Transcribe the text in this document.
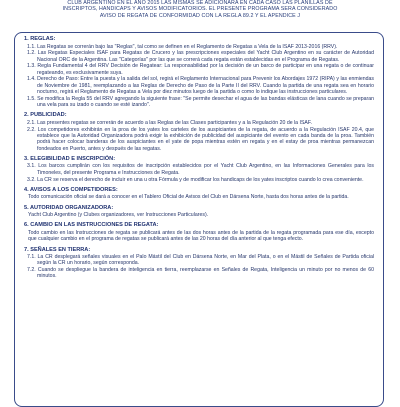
CLUB ARGENTINO EN EL AÑO 2015 LAS MISMAS SE ADICIONARA EN CADA CASO LAS PLANILLAS DE
INSCRIPTOS, HANDICAPS Y AVISOS MODIFICATORIOS. EL PRESENTE PROGRAMA SERA CONSIDERADO
AVISO DE REGATA DE CONFORMIDAD CON LA REGLA 89.2 Y EL APENDICE J
1. REGLAS:
1.1. Las Regatas se correrán bajo las "Reglas", tal como se definen en el Reglamento de Regatas a Vela de la ISAF 2013-2016 (RRV).
1.2. Las Regatas Especiales ISAF para Regatas de Crucero y las prescripciones especiales del Yacht Club Argentino en su carácter de Autoridad Nacional ORC de la Argentina. Las "Categorías" por las que se correrá cada regata están establecidas en el Programa de Regatas.
1.3. Regla Fundamental 4 del RRV Decisión de Regatear: La responsabilidad por la decisión de un barco de participar en una regata o de continuar regateando, es exclusivamente suya.
1.4. Derecho de Paso: Entre la puesta y la salida del sol, regirá el Reglamento Internacional para Prevenir los Abordajes 1972 (RIPA) y las enmiendas de Noviembre de 1981, reemplazando a las Reglas de Derecho de Paso de la Parte II del RRV. Cuando la partida de una regata sea en horario nocturno, regirá el Reglamento de Regatas a Vela por diez minutos luego de la partida o como lo indique las instrucciones particulares.
1.5. Se modifica la Regla 55 del RRV agregando la siguiente frase: "Se permite desechar el agua de las bandas elásticas de lana cuando se preparan una vela para su izado o cuando se esté izando".
2. PUBLICIDAD:
2.1. Las presentes regatas se correrán de acuerdo a las Reglas de las Clases participantes y a la Regulación 20 de la ISAF.
2.2. Los competidores exhibirán en la proa de los yates los carteles de los auspiciantes de la regata, de acuerdo a la Regulación ISAF 20.4, que establece que la Autoridad Organizadora podrá exigir la exhibición de publicidad del auspiciante del evento en cada banda de la proa. También podrá hacer colocar banderas de los auspiciantes en el yate de popa mientras estén en regata y en el estay de proa mientras permanezcan fondeados en Puerto, antes y después de las regatas.
3. ELEGIBILIDAD E INSCRIPCIÓN:
3.1. Los barcos cumplirán con los requisitos de inscripción establecidos por el Yacht Club Argentino, en las Informaciones Generales para los Timoneles, del presente Programa e Instrucciones de Regata.
3.2. La CR se reserva el derecho de incluir en una u otra Fórmula y de modificar los handicaps de los yates inscriptos cuando lo crea conveniente.
4. AVISOS A LOS COMPETIDORES:
Todo comunicación oficial se dará a conocer en el Tablero Oficial de Avisos del Club en Dársena Norte, hasta dos horas antes de la partida.
5. AUTORIDAD ORGANIZADORA:
Yacht Club Argentino (y Clubes organizadores, ver Instrucciones Particulares).
6. CAMBIO EN LAS INSTRUCCIONES DE REGATA:
Todo cambio en las Instrucciones de regata se publicará antes de las dos horas antes de la partida de la regata programada para ese día, excepto que cualquier cambio en el programa de regatas se publicará antes de las 20 horas del día anterior al que tenga efecto.
7. SEÑALES EN TIERRA:
7.1. La CR desplegará señales visuales en el Palo Mástil del Club en Dársena Norte, en Mar del Plata, o en el Mástil de Señales de Partida oficial según la CR un horario, según corresponda.
7.2. Cuando se despliegue la bandera de inteligencia en tierra, reemplazarse en Señales de Regata, Inteligencia un minuto por no menos de 60 minutos.
